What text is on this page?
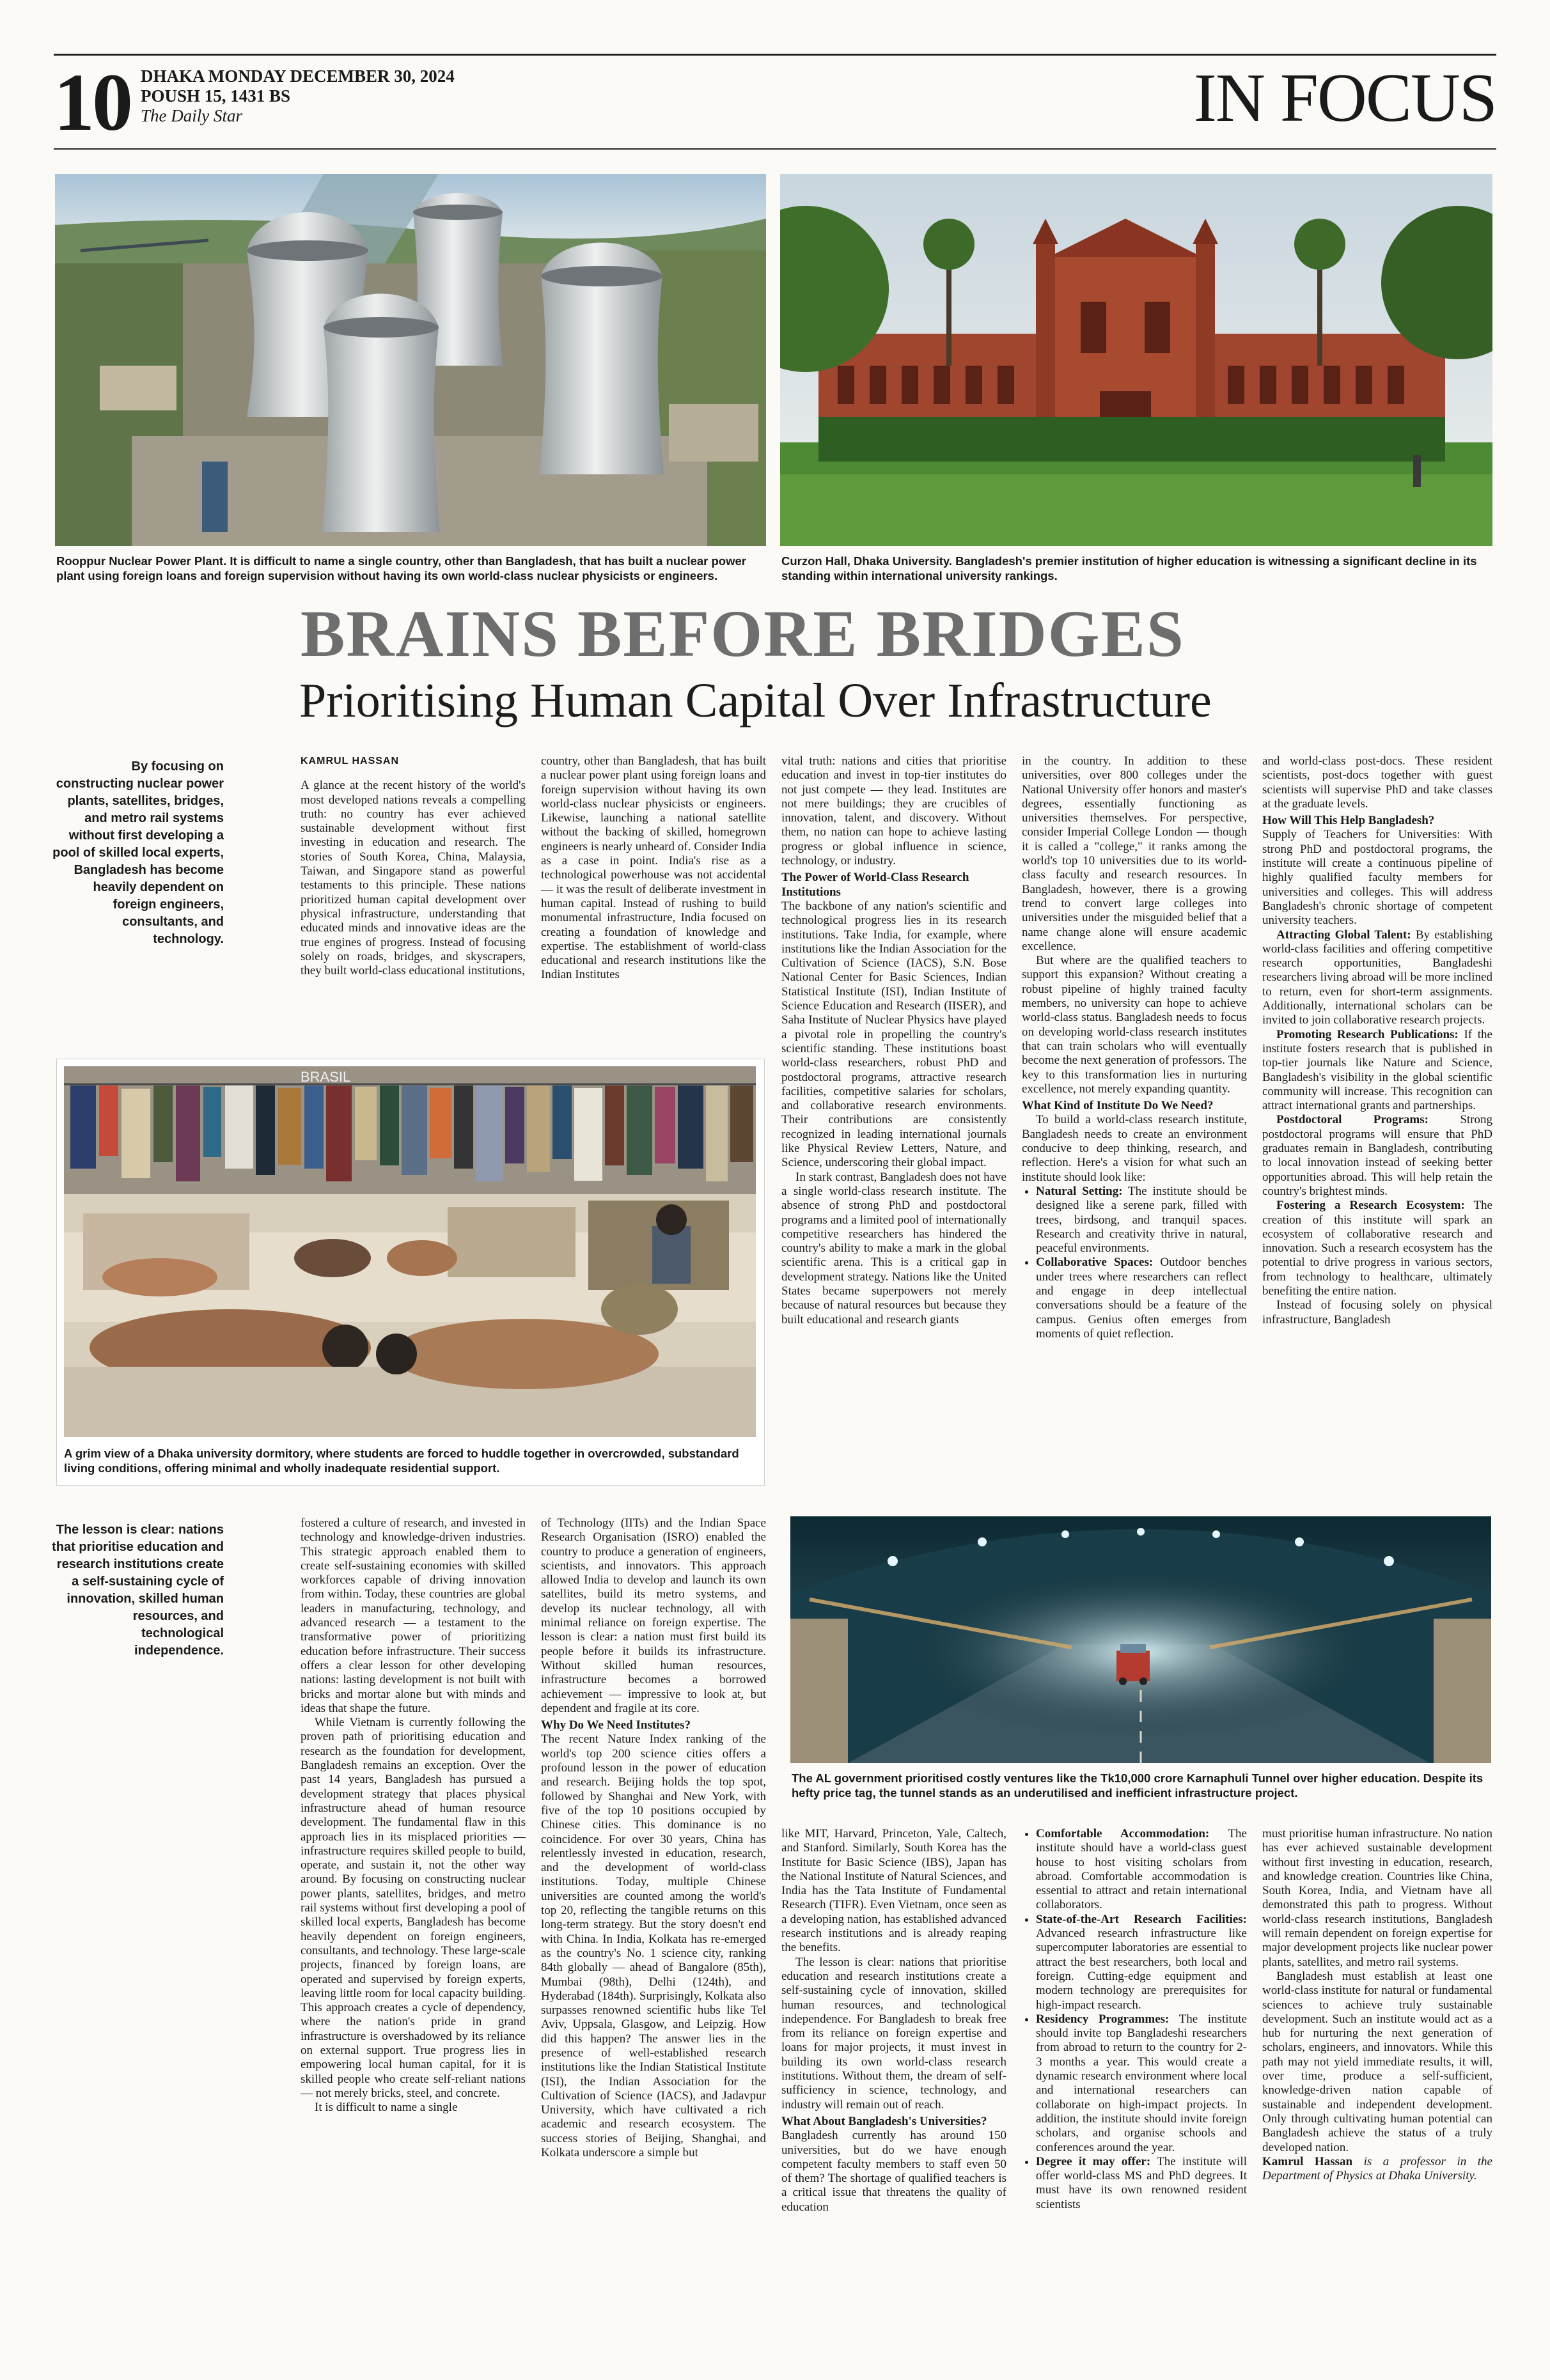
10 DHAKA MONDAY DECEMBER 30, 2024
POUSH 15, 1431 BS
The Daily Star	IN FOCUS
Rooppur Nuclear Power Plant. It is difficult to name a single country, other than Bangladesh, that has built a nuclear power plant using foreign loans and foreign supervision without having its own world-class nuclear physicists or engineers.
Curzon Hall, Dhaka University. Bangladesh's premier institution of higher education is witnessing a significant decline in its standing within international university rankings.
BRAINS BEFORE BRIDGES
Prioritising Human Capital Over Infrastructure
By focusing on constructing nuclear power plants, satellites, bridges, and metro rail systems without first developing a pool of skilled local experts, Bangladesh has become heavily dependent on foreign engineers, consultants, and technology.

KAMRUL HASSAN

A glance at the recent history of the world's most developed nations reveals a compelling truth: no country has ever achieved sustainable development without first investing in education and research. The stories of South Korea, China, Malaysia, Taiwan, and Singapore stand as powerful testaments to this principle. These nations prioritized human capital development over physical infrastructure, understanding that educated minds and innovative ideas are the true engines of progress. Instead of focusing solely on roads, bridges, and skyscrapers, they built world-class educational institutions,

country, other than Bangladesh, that has built a nuclear power plant using foreign loans and foreign supervision without having its own world-class nuclear physicists or engineers. Likewise, launching a national satellite without the backing of skilled, homegrown engineers is nearly unheard of. Consider India as a case in point. India's rise as a technological powerhouse was not accidental — it was the result of deliberate investment in human capital. Instead of rushing to build monumental infrastructure, India focused on creating a foundation of knowledge and expertise. The establishment of world-class educational and research institutions like the Indian Institutes

vital truth: nations and cities that prioritise education and invest in top-tier institutes do not just compete — they lead. Institutes are not mere buildings; they are crucibles of innovation, talent, and discovery. Without them, no nation can hope to achieve lasting progress or global influence in science, technology, or industry.

The Power of World-Class Research Institutions

The backbone of any nation's scientific and technological progress lies in its research institutions. Take India, for example, where institutions like the Indian Association for the Cultivation of Science (IACS), S.N. Bose National Center for Basic Sciences, Indian Statistical Institute (ISI), Indian Institute of Science Education and Research (IISER), and Saha Institute of Nuclear Physics have played a pivotal role in propelling the country's scientific standing. These institutions boast world-class researchers, robust PhD and postdoctoral programs, attractive research facilities, competitive salaries for scholars, and collaborative research environments. Their contributions are consistently recognized in leading international journals like Physical Review Letters, Nature, and Science, underscoring their global impact.

In stark contrast, Bangladesh does not have a single world-class research institute. The absence of strong PhD and postdoctoral programs and a limited pool of internationally competitive researchers has hindered the country's ability to make a mark in the global scientific arena. This is a critical gap in development strategy. Nations like the United States became superpowers not merely because of natural resources but because they built educational and research giants

in the country. In addition to these universities, over 800 colleges under the National University offer honors and master's degrees, essentially functioning as universities themselves. For perspective, consider Imperial College London — though it is called a "college," it ranks among the world's top 10 universities due to its world-class faculty and research resources. In Bangladesh, however, there is a growing trend to convert large colleges into universities under the misguided belief that a name change alone will ensure academic excellence.

But where are the qualified teachers to support this expansion? Without creating a robust pipeline of highly trained faculty members, no university can hope to achieve world-class status. Bangladesh needs to focus on developing world-class research institutes that can train scholars who will eventually become the next generation of professors. The key to this transformation lies in nurturing excellence, not merely expanding quantity.

What Kind of Institute Do We Need?

To build a world-class research institute, Bangladesh needs to create an environment conducive to deep thinking, research, and reflection. Here's a vision for what such an institute should look like:

• Natural Setting: The institute should be designed like a serene park, filled with trees, birdsong, and tranquil spaces. Research and creativity thrive in natural, peaceful environments.
• Collaborative Spaces: Outdoor benches under trees where researchers can reflect and engage in deep intellectual conversations should be a feature of the campus. Genius often emerges from moments of quiet reflection.

and world-class post-docs. These resident scientists, post-docs together with guest scientists will supervise PhD and take classes at the graduate levels.

How Will This Help Bangladesh?

Supply of Teachers for Universities: With strong PhD and postdoctoral programs, the institute will create a continuous pipeline of highly qualified faculty members for universities and colleges. This will address Bangladesh's chronic shortage of competent university teachers.

Attracting Global Talent: By establishing world-class facilities and offering competitive research opportunities, Bangladeshi researchers living abroad will be more inclined to return, even for short-term assignments. Additionally, international scholars can be invited to join collaborative research projects.

Promoting Research Publications: If the institute fosters research that is published in top-tier journals like Nature and Science, Bangladesh's visibility in the global scientific community will increase. This recognition can attract international grants and partnerships.

Postdoctoral Programs: Strong postdoctoral programs will ensure that PhD graduates remain in Bangladesh, contributing to local innovation instead of seeking better opportunities abroad. This will help retain the country's brightest minds.

Fostering a Research Ecosystem: The creation of this institute will spark an ecosystem of collaborative research and innovation. Such a research ecosystem has the potential to drive progress in various sectors, from technology to healthcare, ultimately benefiting the entire nation.

Instead of focusing solely on physical infrastructure, Bangladesh

BRASIL
A grim view of a Dhaka university dormitory, where students are forced to huddle together in overcrowded, substandard living conditions, offering minimal and wholly inadequate residential support.
The lesson is clear: nations that prioritise education and research institutions create a self-sustaining cycle of innovation, skilled human resources, and technological independence.

fostered a culture of research, and invested in technology and knowledge-driven industries. This strategic approach enabled them to create self-sustaining economies with skilled workforces capable of driving innovation from within. Today, these countries are global leaders in manufacturing, technology, and advanced research — a testament to the transformative power of prioritizing education before infrastructure. Their success offers a clear lesson for other developing nations: lasting development is not built with bricks and mortar alone but with minds and ideas that shape the future.

While Vietnam is currently following the proven path of prioritising education and research as the foundation for development, Bangladesh remains an exception. Over the past 14 years, Bangladesh has pursued a development strategy that places physical infrastructure ahead of human resource development. The fundamental flaw in this approach lies in its misplaced priorities — infrastructure requires skilled people to build, operate, and sustain it, not the other way around. By focusing on constructing nuclear power plants, satellites, bridges, and metro rail systems without first developing a pool of skilled local experts, Bangladesh has become heavily dependent on foreign engineers, consultants, and technology. These large-scale projects, financed by foreign loans, are operated and supervised by foreign experts, leaving little room for local capacity building. This approach creates a cycle of dependency, where the nation's pride in grand infrastructure is overshadowed by its reliance on external support. True progress lies in empowering local human capital, for it is skilled people who create self-reliant nations — not merely bricks, steel, and concrete.

It is difficult to name a single

of Technology (IITs) and the Indian Space Research Organisation (ISRO) enabled the country to produce a generation of engineers, scientists, and innovators. This approach allowed India to develop and launch its own satellites, build its metro systems, and develop its nuclear technology, all with minimal reliance on foreign expertise. The lesson is clear: a nation must first build its people before it builds its infrastructure. Without skilled human resources, infrastructure becomes a borrowed achievement — impressive to look at, but dependent and fragile at its core.

Why Do We Need Institutes?

The recent Nature Index ranking of the world's top 200 science cities offers a profound lesson in the power of education and research. Beijing holds the top spot, followed by Shanghai and New York, with five of the top 10 positions occupied by Chinese cities. This dominance is no coincidence. For over 30 years, China has relentlessly invested in education, research, and the development of world-class institutions. Today, multiple Chinese universities are counted among the world's top 20, reflecting the tangible returns on this long-term strategy. But the story doesn't end with China. In India, Kolkata has re-emerged as the country's No. 1 science city, ranking 84th globally — ahead of Bangalore (85th), Mumbai (98th), Delhi (124th), and Hyderabad (184th). Surprisingly, Kolkata also surpasses renowned scientific hubs like Tel Aviv, Uppsala, Glasgow, and Leipzig. How did this happen? The answer lies in the presence of well-established research institutions like the Indian Statistical Institute (ISI), the Indian Association for the Cultivation of Science (IACS), and Jadavpur University, which have cultivated a rich academic and research ecosystem. The success stories of Beijing, Shanghai, and Kolkata underscore a simple but

The AL government prioritised costly ventures like the Tk10,000 crore Karnaphuli Tunnel over higher education. Despite its hefty price tag, the tunnel stands as an underutilised and inefficient infrastructure project.

like MIT, Harvard, Princeton, Yale, Caltech, and Stanford. Similarly, South Korea has the Institute for Basic Science (IBS), Japan has the National Institute of Natural Sciences, and India has the Tata Institute of Fundamental Research (TIFR). Even Vietnam, once seen as a developing nation, has established advanced research institutions and is already reaping the benefits.

The lesson is clear: nations that prioritise education and research institutions create a self-sustaining cycle of innovation, skilled human resources, and technological independence. For Bangladesh to break free from its reliance on foreign expertise and loans for major projects, it must invest in building its own world-class research institutions. Without them, the dream of self-sufficiency in science, technology, and industry will remain out of reach.

What About Bangladesh's Universities?

Bangladesh currently has around 150 universities, but do we have enough competent faculty members to staff even 50 of them? The shortage of qualified teachers is a critical issue that threatens the quality of education

• Comfortable Accommodation: The institute should have a world-class guest house to host visiting scholars from abroad. Comfortable accommodation is essential to attract and retain international collaborators.
• State-of-the-Art Research Facilities: Advanced research infrastructure like supercomputer laboratories are essential to attract the best researchers, both local and foreign. Cutting-edge equipment and modern technology are prerequisites for high-impact research.
• Residency Programmes: The institute should invite top Bangladeshi researchers from abroad to return to the country for 2-3 months a year. This would create a dynamic research environment where local and international researchers can collaborate on high-impact projects. In addition, the institute should invite foreign scholars, and organise schools and conferences around the year.
• Degree it may offer: The institute will offer world-class MS and PhD degrees. It must have its own renowned resident scientists

must prioritise human infrastructure. No nation has ever achieved sustainable development without first investing in education, research, and knowledge creation. Countries like China, South Korea, India, and Vietnam have all demonstrated this path to progress. Without world-class research institutions, Bangladesh will remain dependent on foreign expertise for major development projects like nuclear power plants, satellites, and metro rail systems.

Bangladesh must establish at least one world-class institute for natural or fundamental sciences to achieve truly sustainable development. Such an institute would act as a hub for nurturing the next generation of scholars, engineers, and innovators. While this path may not yield immediate results, it will, over time, produce a self-sufficient, knowledge-driven nation capable of sustainable and independent development. Only through cultivating human potential can Bangladesh achieve the status of a truly developed nation.

Kamrul Hassan is a professor in the Department of Physics at Dhaka University.
